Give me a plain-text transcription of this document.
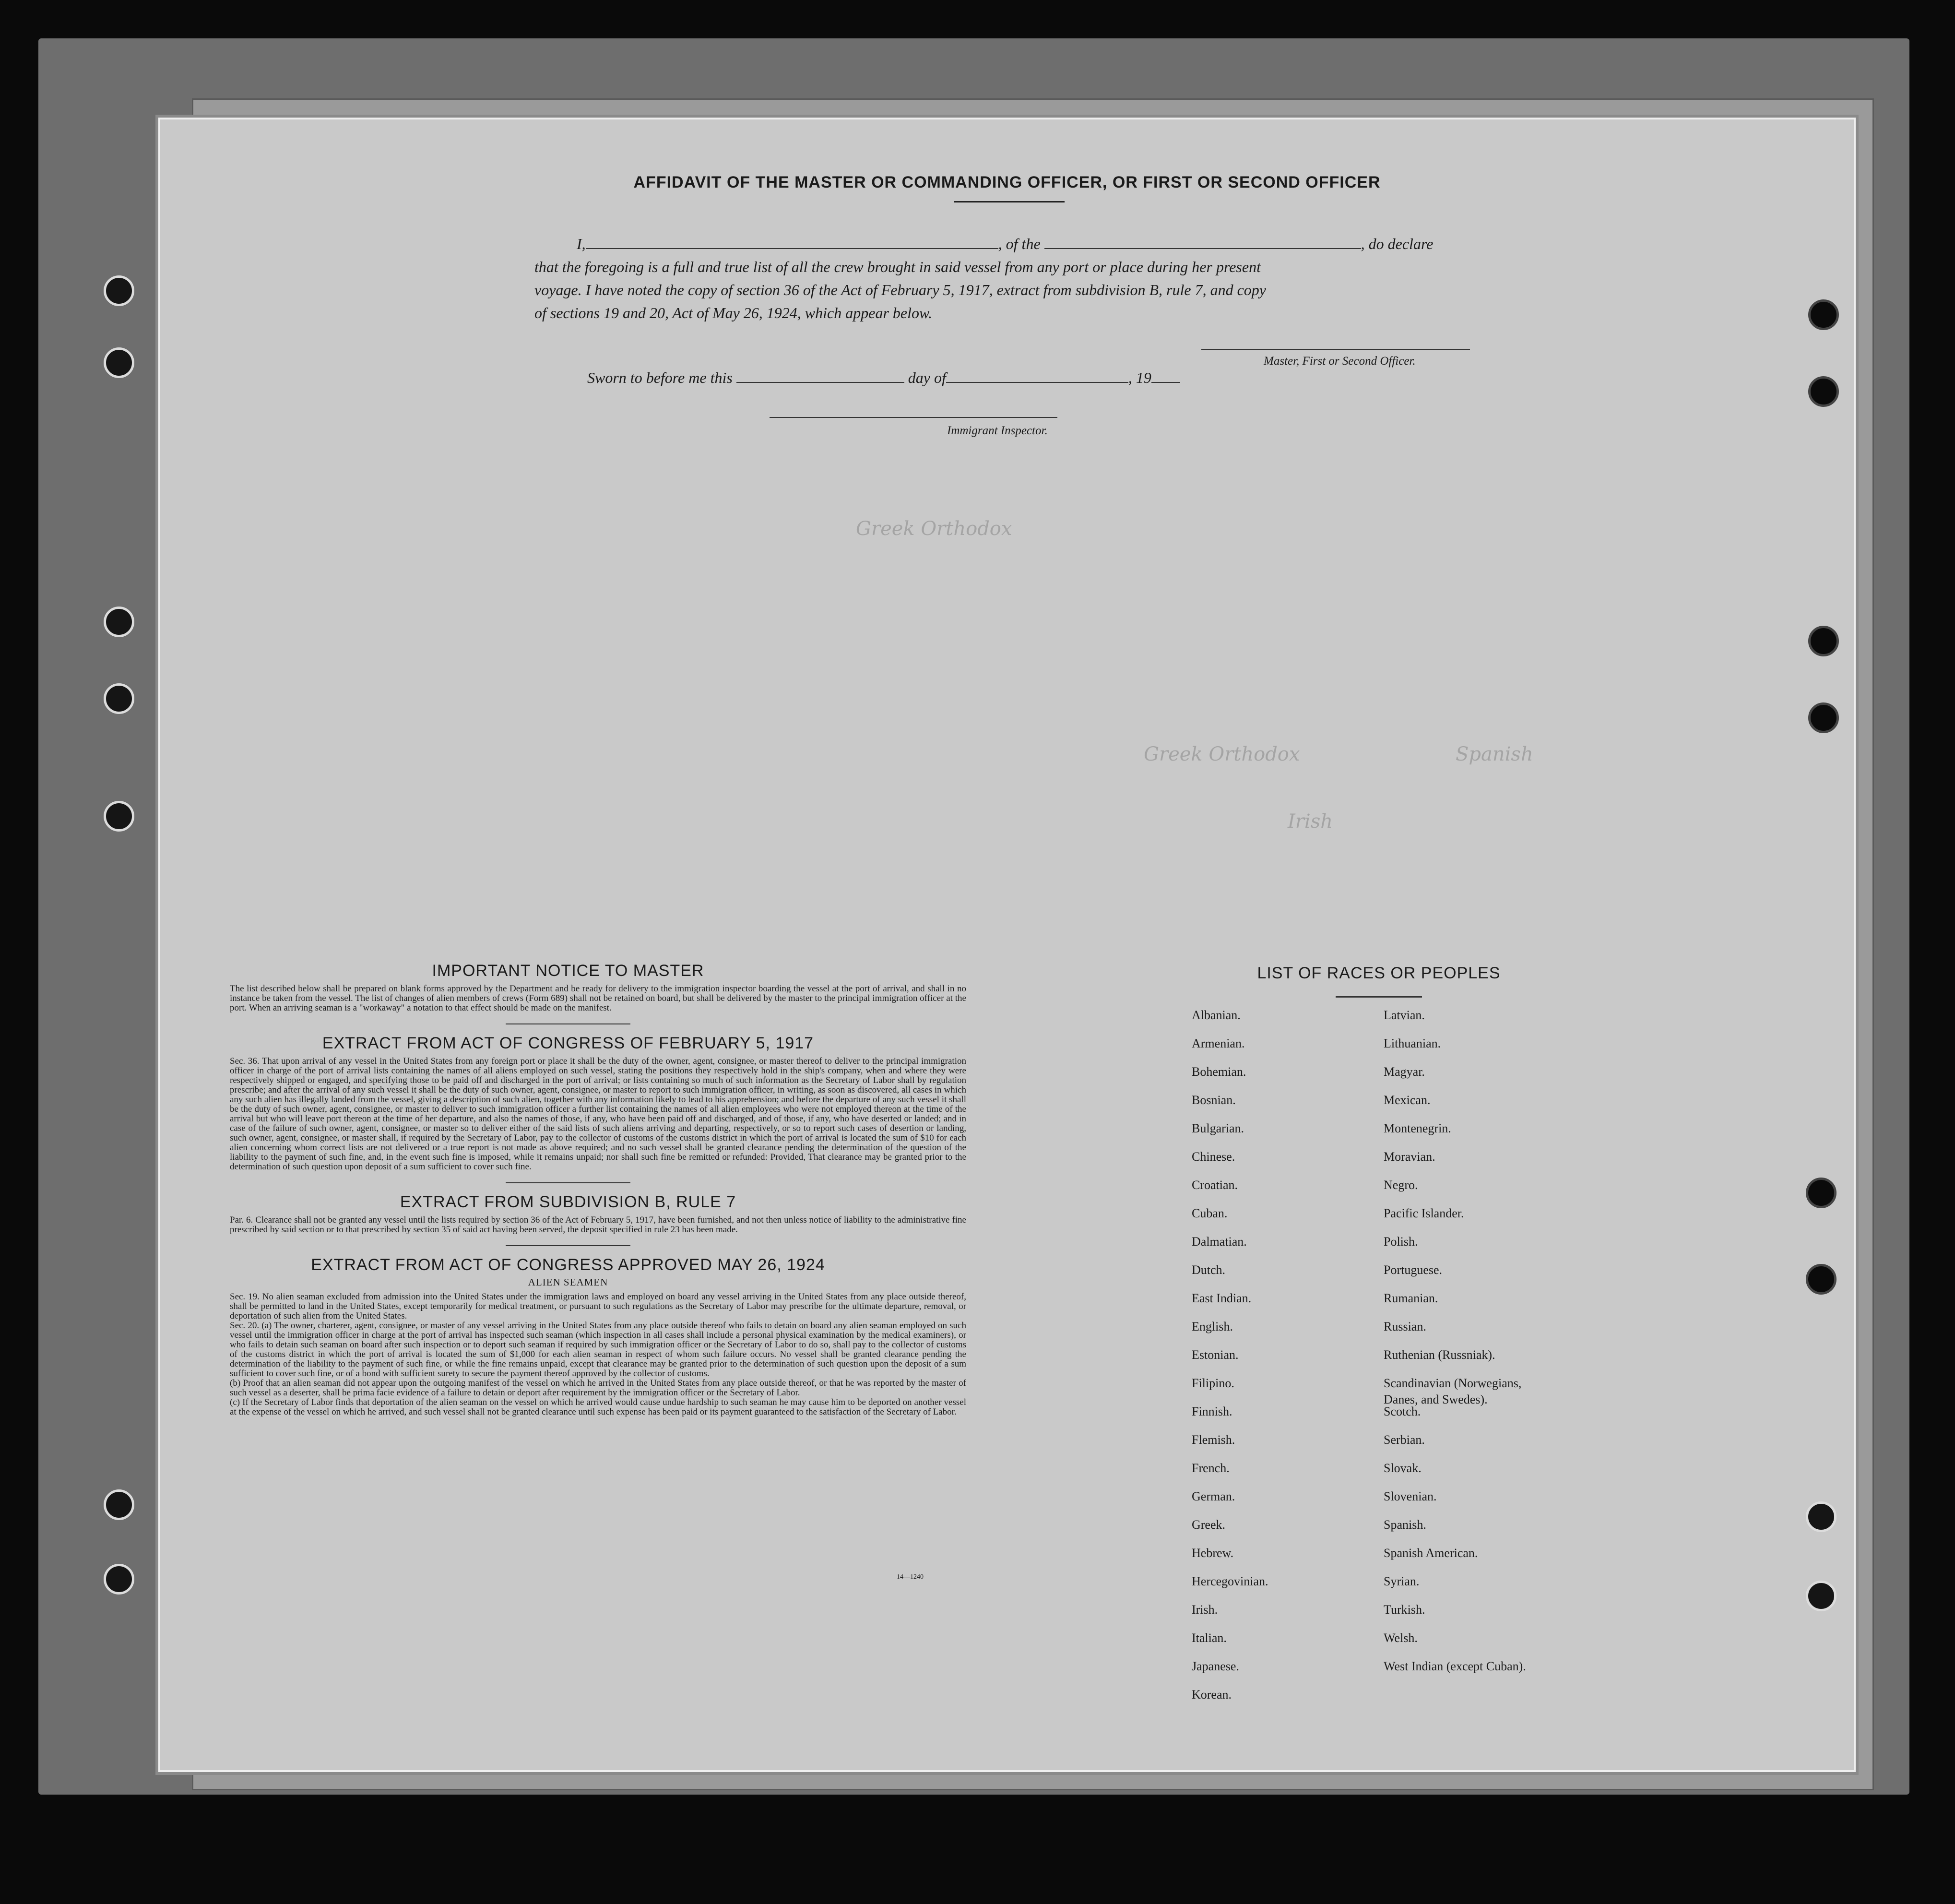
Greek Orthodox
Greek Orthodox	Spanish
Irish
AFFIDAVIT OF THE MASTER OR COMMANDING OFFICER, OR FIRST OR SECOND OFFICER
I,	, of the	, do declare
that the foregoing is a full and true list of all the crew brought in said vessel from any port or place during her present
voyage. I have noted the copy of section 36 of the Act of February 5, 1917, extract from subdivision B, rule 7, and copy
of sections 19 and 20, Act of May 26, 1924, which appear below.
Master, First or Second Officer.
Sworn to before me this	day of	, 19
Immigrant Inspector.

IMPORTANT NOTICE TO MASTER

The list described below shall be prepared on blank forms approved by the Department and be ready for delivery to the immigration inspector boarding the vessel at the port of arrival, and shall in no instance be taken from the vessel. The list of changes of alien members of crews (Form 689) shall not be retained on board, but shall be delivered by the master to the principal immigration officer at the port. When an arriving seaman is a "workaway" a notation to that effect should be made on the manifest.

EXTRACT FROM ACT OF CONGRESS OF FEBRUARY 5, 1917

Sec. 36. That upon arrival of any vessel in the United States from any foreign port or place it shall be the duty of the owner, agent, consignee, or master thereof to deliver to the principal immigration officer in charge of the port of arrival lists containing the names of all aliens employed on such vessel, stating the positions they respectively hold in the ship's company, when and where they were respectively shipped or engaged, and specifying those to be paid off and discharged in the port of arrival; or lists containing so much of such information as the Secretary of Labor shall by regulation prescribe; and after the arrival of any such vessel it shall be the duty of such owner, agent, consignee, or master to report to such immigration officer, in writing, as soon as discovered, all cases in which any such alien has illegally landed from the vessel, giving a description of such alien, together with any information likely to lead to his apprehension; and before the departure of any such vessel it shall be the duty of such owner, agent, consignee, or master to deliver to such immigration officer a further list containing the names of all alien employees who were not employed thereon at the time of the arrival but who will leave port thereon at the time of her departure, and also the names of those, if any, who have been paid off and discharged, and of those, if any, who have deserted or landed; and in case of the failure of such owner, agent, consignee, or master so to deliver either of the said lists of such aliens arriving and departing, respectively, or so to report such cases of desertion or landing, such owner, agent, consignee, or master shall, if required by the Secretary of Labor, pay to the collector of customs of the customs district in which the port of arrival is located the sum of $10 for each alien concerning whom correct lists are not delivered or a true report is not made as above required; and no such vessel shall be granted clearance pending the determination of the question of the liability to the payment of such fine, and, in the event such fine is imposed, while it remains unpaid; nor shall such fine be remitted or refunded: Provided, That clearance may be granted prior to the determination of such question upon deposit of a sum sufficient to cover such fine.

EXTRACT FROM SUBDIVISION B, RULE 7

Par. 6. Clearance shall not be granted any vessel until the lists required by section 36 of the Act of February 5, 1917, have been furnished, and not then unless notice of liability to the administrative fine prescribed by said section or to that prescribed by section 35 of said act having been served, the deposit specified in rule 23 has been made.

EXTRACT FROM ACT OF CONGRESS APPROVED MAY 26, 1924

ALIEN SEAMEN

Sec. 19. No alien seaman excluded from admission into the United States under the immigration laws and employed on board any vessel arriving in the United States from any place outside thereof, shall be permitted to land in the United States, except temporarily for medical treatment, or pursuant to such regulations as the Secretary of Labor may prescribe for the ultimate departure, removal, or deportation of such alien from the United States.

Sec. 20. (a) The owner, charterer, agent, consignee, or master of any vessel arriving in the United States from any place outside thereof who fails to detain on board any alien seaman employed on such vessel until the immigration officer in charge at the port of arrival has inspected such seaman (which inspection in all cases shall include a personal physical examination by the medical examiners), or who fails to detain such seaman on board after such inspection or to deport such seaman if required by such immigration officer or the Secretary of Labor to do so, shall pay to the collector of customs of the customs district in which the port of arrival is located the sum of $1,000 for each alien seaman in respect of whom such failure occurs. No vessel shall be granted clearance pending the determination of the liability to the payment of such fine, or while the fine remains unpaid, except that clearance may be granted prior to the determination of such question upon the deposit of a sum sufficient to cover such fine, or of a bond with sufficient surety to secure the payment thereof approved by the collector of customs.

(b) Proof that an alien seaman did not appear upon the outgoing manifest of the vessel on which he arrived in the United States from any place outside thereof, or that he was reported by the master of such vessel as a deserter, shall be prima facie evidence of a failure to detain or deport after requirement by the immigration officer or the Secretary of Labor.

(c) If the Secretary of Labor finds that deportation of the alien seaman on the vessel on which he arrived would cause undue hardship to such seaman he may cause him to be deported on another vessel at the expense of the vessel on which he arrived, and such vessel shall not be granted clearance until such expense has been paid or its payment guaranteed to the satisfaction of the Secretary of Labor.

14—1240
LIST OF RACES OR PEOPLES
Albanian.
Armenian.
Bohemian.
Bosnian.
Bulgarian.
Chinese.
Croatian.
Cuban.
Dalmatian.
Dutch.
East Indian.
English.
Estonian.
Filipino.
Finnish.
Flemish.
French.
German.
Greek.
Hebrew.
Hercegovinian.
Irish.
Italian.
Japanese.
Korean.
Latvian.
Lithuanian.
Magyar.
Mexican.
Montenegrin.
Moravian.
Negro.
Pacific Islander.
Polish.
Portuguese.
Rumanian.
Russian.
Ruthenian (Russniak).
Scandinavian (Norwegians,
Danes, and Swedes).
Scotch.
Serbian.
Slovak.
Slovenian.
Spanish.
Spanish American.
Syrian.
Turkish.
Welsh.
West Indian (except Cuban).
